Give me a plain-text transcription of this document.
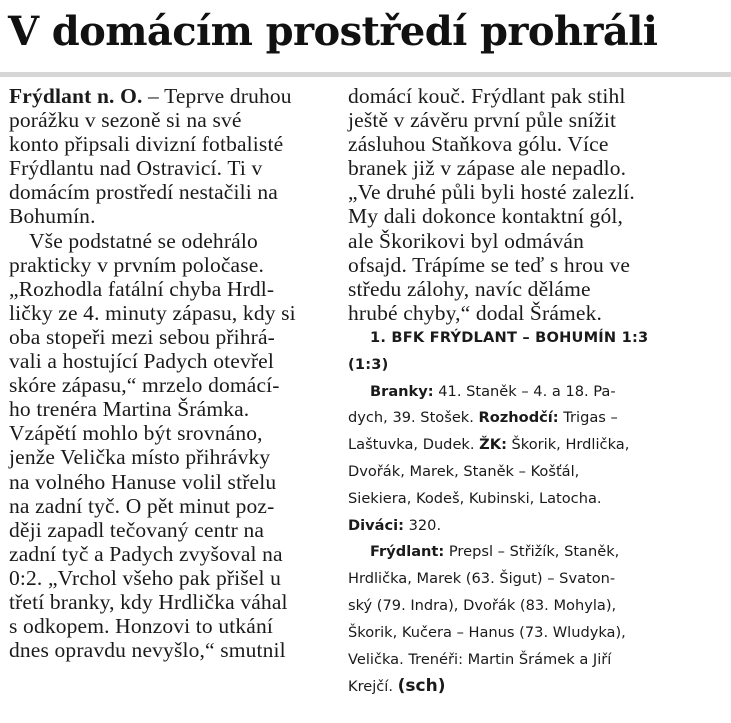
V domácím prostředí prohráli
Frýdlant n. O. – Teprve druhou
porážku v sezoně si na své
konto připsali divizní fotbalisté
Frýdlantu nad Ostravicí. Ti v
domácím prostředí nestačili na
Bohumín.
Vše podstatné se odehrálo
prakticky v prvním poločase.
„Rozhodla fatální chyba Hrdl-
ličky ze 4. minuty zápasu, kdy si
oba stopeři mezi sebou přihrá-
vali a hostující Padych otevřel
skóre zápasu,“ mrzelo domácí-
ho trenéra Martina Šrámka.
Vzápětí mohlo být srovnáno,
jenže Velička místo přihrávky
na volného Hanuse volil střelu
na zadní tyč. O pět minut poz-
ději zapadl tečovaný centr na
zadní tyč a Padych zvyšoval na
0:2. „Vrchol všeho pak přišel u
třetí branky, kdy Hrdlička váhal
s odkopem. Honzovi to utkání
dnes opravdu nevyšlo,“ smutnil
domácí kouč. Frýdlant pak stihl
ještě v závěru první půle snížit
zásluhou Staňkova gólu. Více
branek již v zápase ale nepadlo.
„Ve druhé půli byli hosté zalezlí.
My dali dokonce kontaktní gól,
ale Škorikovi byl odmáván
ofsajd. Trápíme se teď s hrou ve
středu zálohy, navíc děláme
hrubé chyby,“ dodal Šrámek.
1. BFK FRÝDLANT – BOHUMÍN 1:3
(1:3)
Branky: 41. Staněk – 4. a 18. Pa-
dych, 39. Stošek. Rozhodčí: Trigas –
Laštuvka, Dudek. ŽK: Škorik, Hrdlička,
Dvořák, Marek, Staněk – Košťál,
Siekiera, Kodeš, Kubinski, Latocha.
Diváci: 320.
Frýdlant: Prepsl – Střižík, Staněk,
Hrdlička, Marek (63. Šigut) – Svaton-
ský (79. Indra), Dvořák (83. Mohyla),
Škorik, Kučera – Hanus (73. Wludyka),
Velička. Trenéři: Martin Šrámek a Jiří
Krejčí. (sch)
